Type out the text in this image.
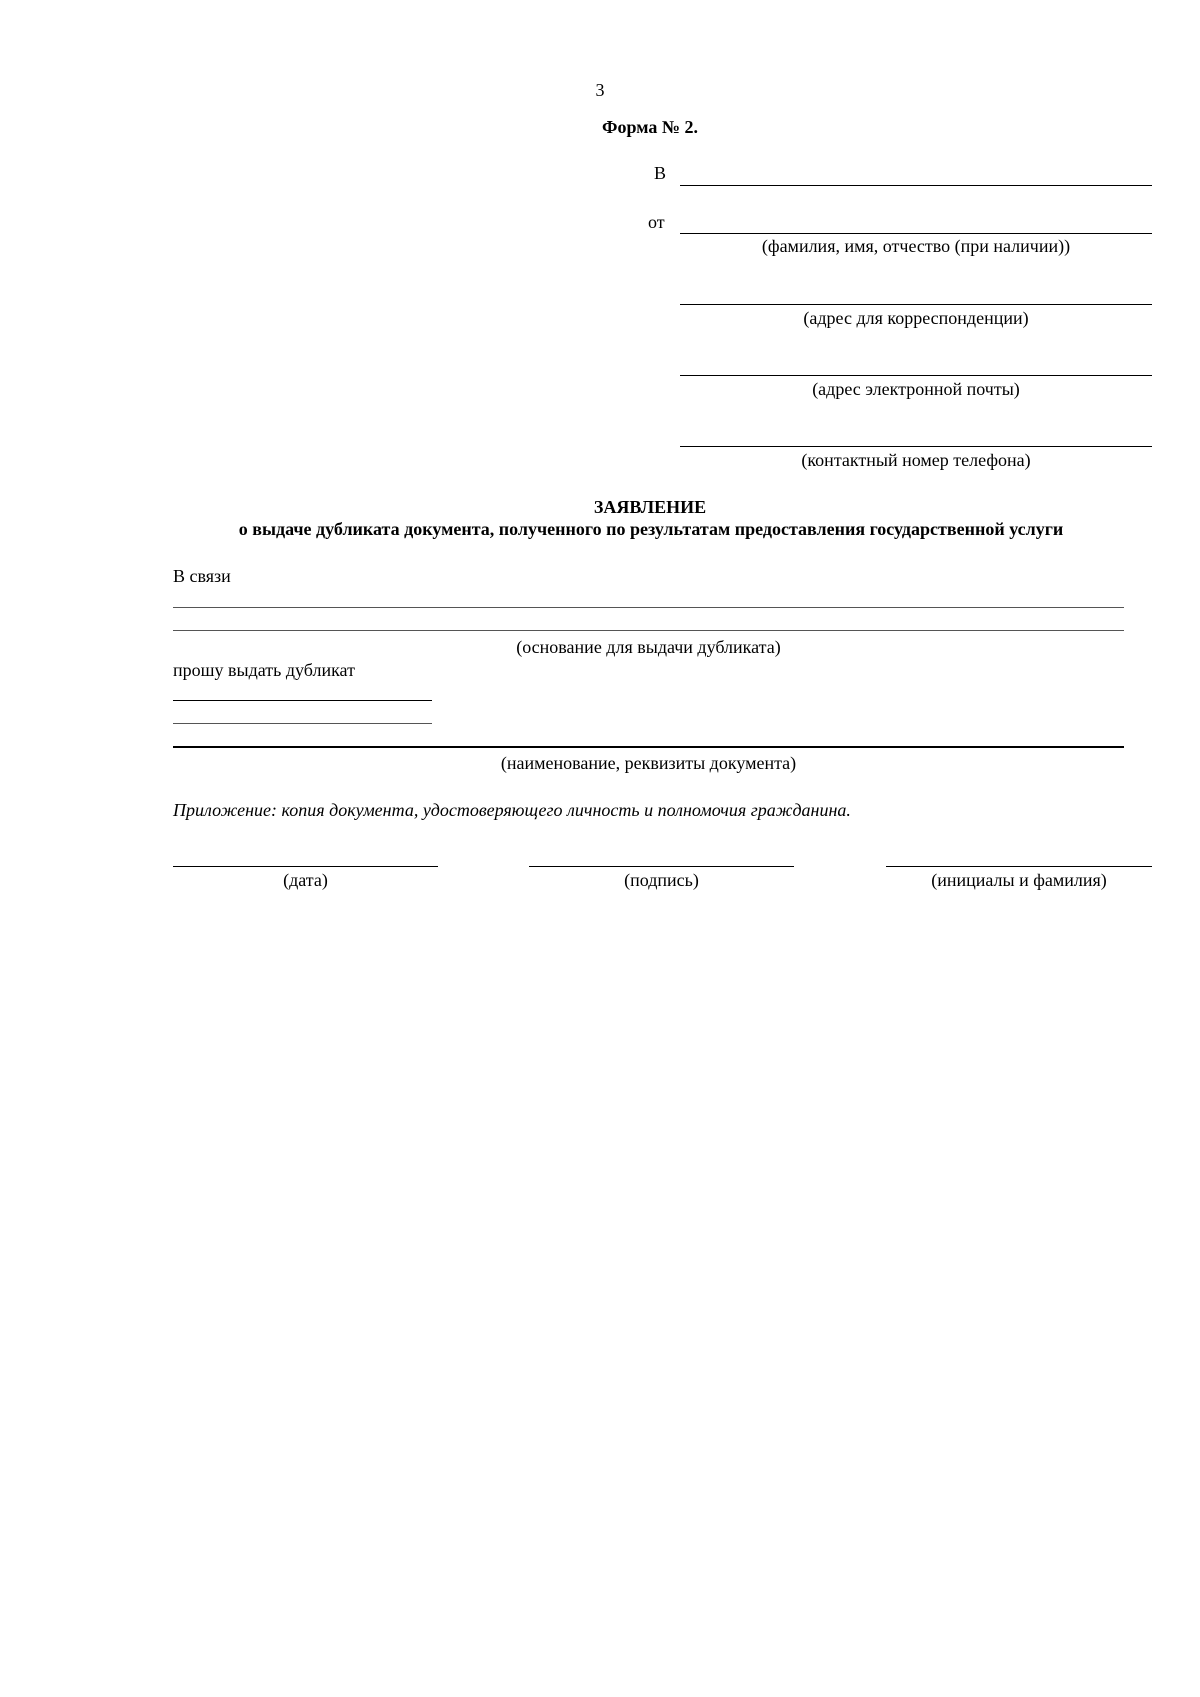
3
Форма № 2.
В
от
(фамилия, имя, отчество (при наличии))
(адрес для корреспонденции)
(адрес электронной почты)
(контактный номер телефона)
ЗАЯВЛЕНИЕ
о выдаче дубликата документа, полученного по результатам предоставления государственной услуги
В связи
(основание для выдачи дубликата)
прошу выдать дубликат
(наименование, реквизиты документа)
Приложение: копия документа, удостоверяющего личность и полномочия гражданина.
(дата)	(подпись)	(инициалы и фамилия)
